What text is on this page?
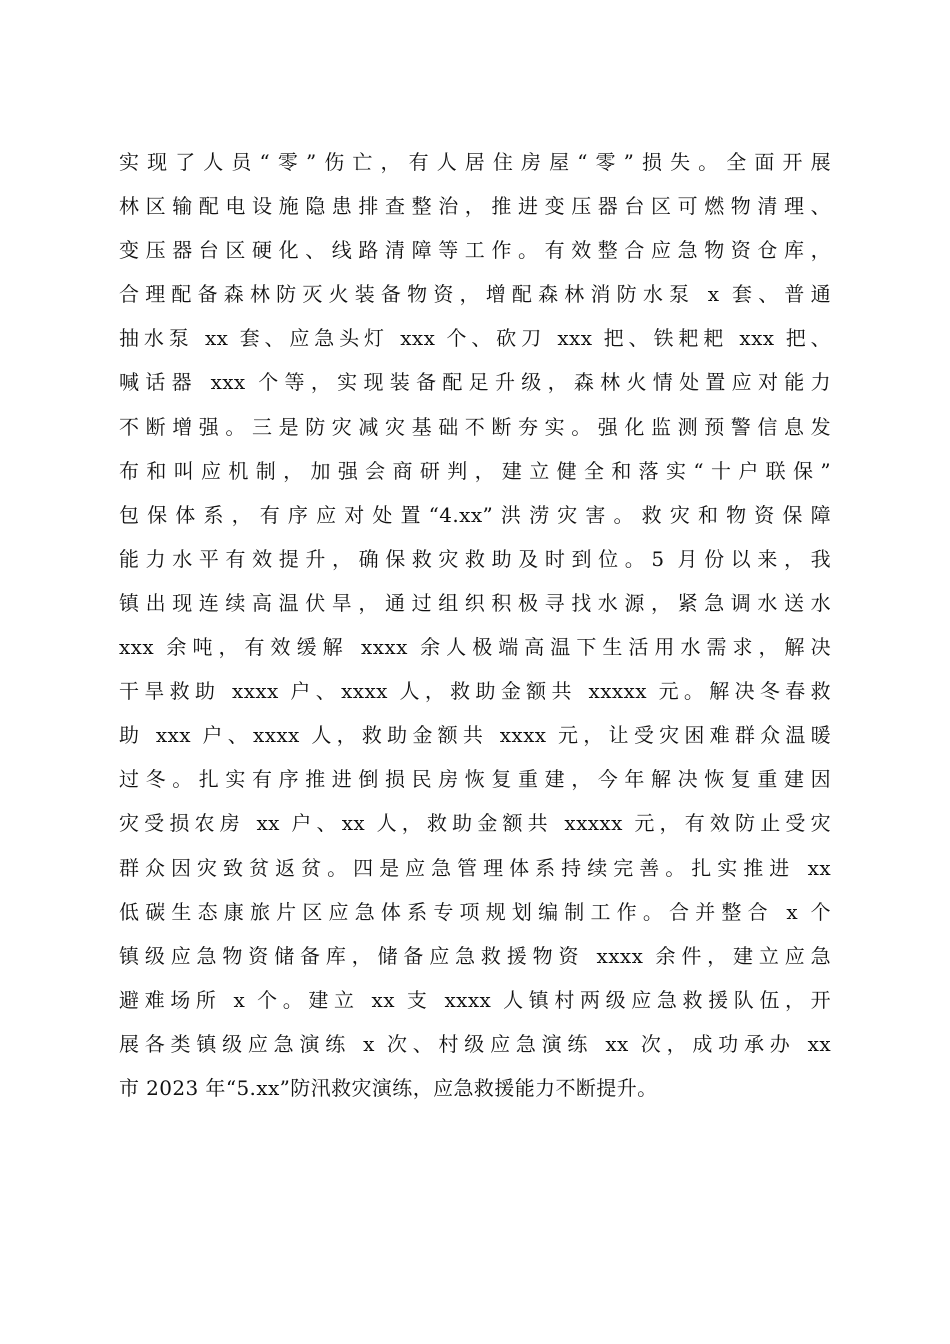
实现了人员“零”伤亡，有人居住房屋“零”损失。全面开展
林区输配电设施隐患排查整治，推进变压器台区可燃物清理、
变压器台区硬化、线路清障等工作。有效整合应急物资仓库，
合理配备森林防灭火装备物资，增配森林消防水泵 x 套、普通
抽水泵 xx 套、应急头灯 xxx 个、砍刀 xxx 把、铁耙耙 xxx 把、
喊话器 xxx 个等，实现装备配足升级，森林火情处置应对能力
不断增强。三是防灾减灾基础不断夯实。强化监测预警信息发
布和叫应机制，加强会商研判，建立健全和落实“十户联保”
包保体系，有序应对处置“4.xx”洪涝灾害。救灾和物资保障
能力水平有效提升，确保救灾救助及时到位。5 月份以来，我
镇出现连续高温伏旱，通过组织积极寻找水源，紧急调水送水
xxx 余吨，有效缓解 xxxx 余人极端高温下生活用水需求，解决
干旱救助 xxxx 户、xxxx 人，救助金额共 xxxxx 元。解决冬春救
助 xxx 户、xxxx 人，救助金额共 xxxx 元，让受灾困难群众温暖
过冬。扎实有序推进倒损民房恢复重建，今年解决恢复重建因
灾受损农房 xx 户、xx 人，救助金额共 xxxxx 元，有效防止受灾
群众因灾致贫返贫。四是应急管理体系持续完善。扎实推进 xx
低碳生态康旅片区应急体系专项规划编制工作。合并整合 x 个
镇级应急物资储备库，储备应急救援物资 xxxx 余件，建立应急
避难场所 x 个。建立 xx 支 xxxx 人镇村两级应急救援队伍，开
展各类镇级应急演练 x 次、村级应急演练 xx 次，成功承办 xx
市 2023 年“5.xx”防汛救灾演练，应急救援能力不断提升。
